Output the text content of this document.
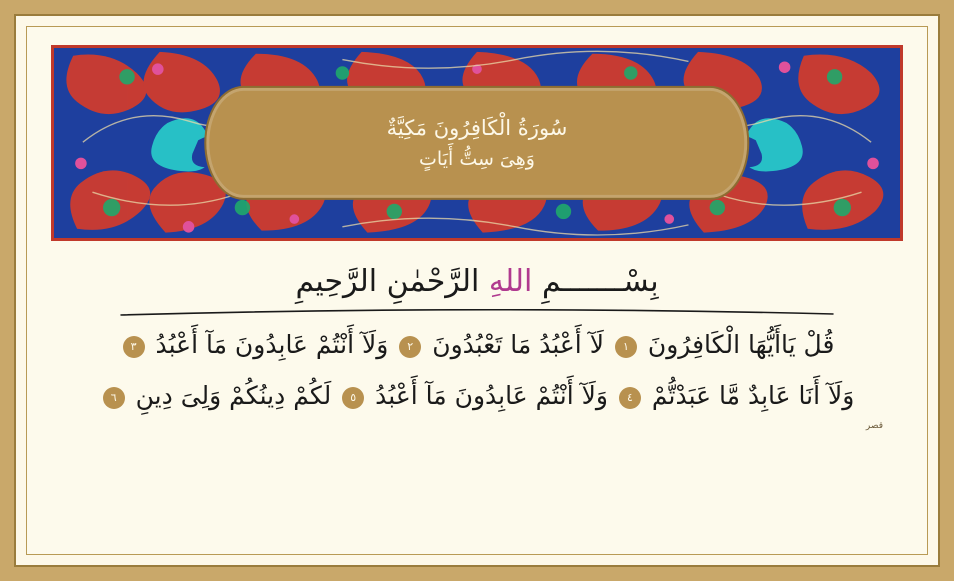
سُورَةُ الْكَافِرُونَ مَكِيَّةٌ
وَهِىَ سِتُّ أَيَاتٍ
بِسْـــــــمِ اللهِ الرَّحْمٰنِ الرَّحِيمِ
قُلْ يَاأَيُّهَا الْكَافِرُونَ ١ لَآ أَعْبُدُ مَا تَعْبُدُونَ ٢ وَلَآ أَنْتُمْ عَابِدُونَ مَآ أَعْبُدُ ٣
وَلَآ أَنَا عَابِدٌ مَّا عَبَدْتُّمْ ٤ وَلَآ أَنْتُمْ عَابِدُونَ مَآ أَعْبُدُ ٥ لَكُمْ دِينُكُمْ وَلِىَ دِينِ ٦
قصر
